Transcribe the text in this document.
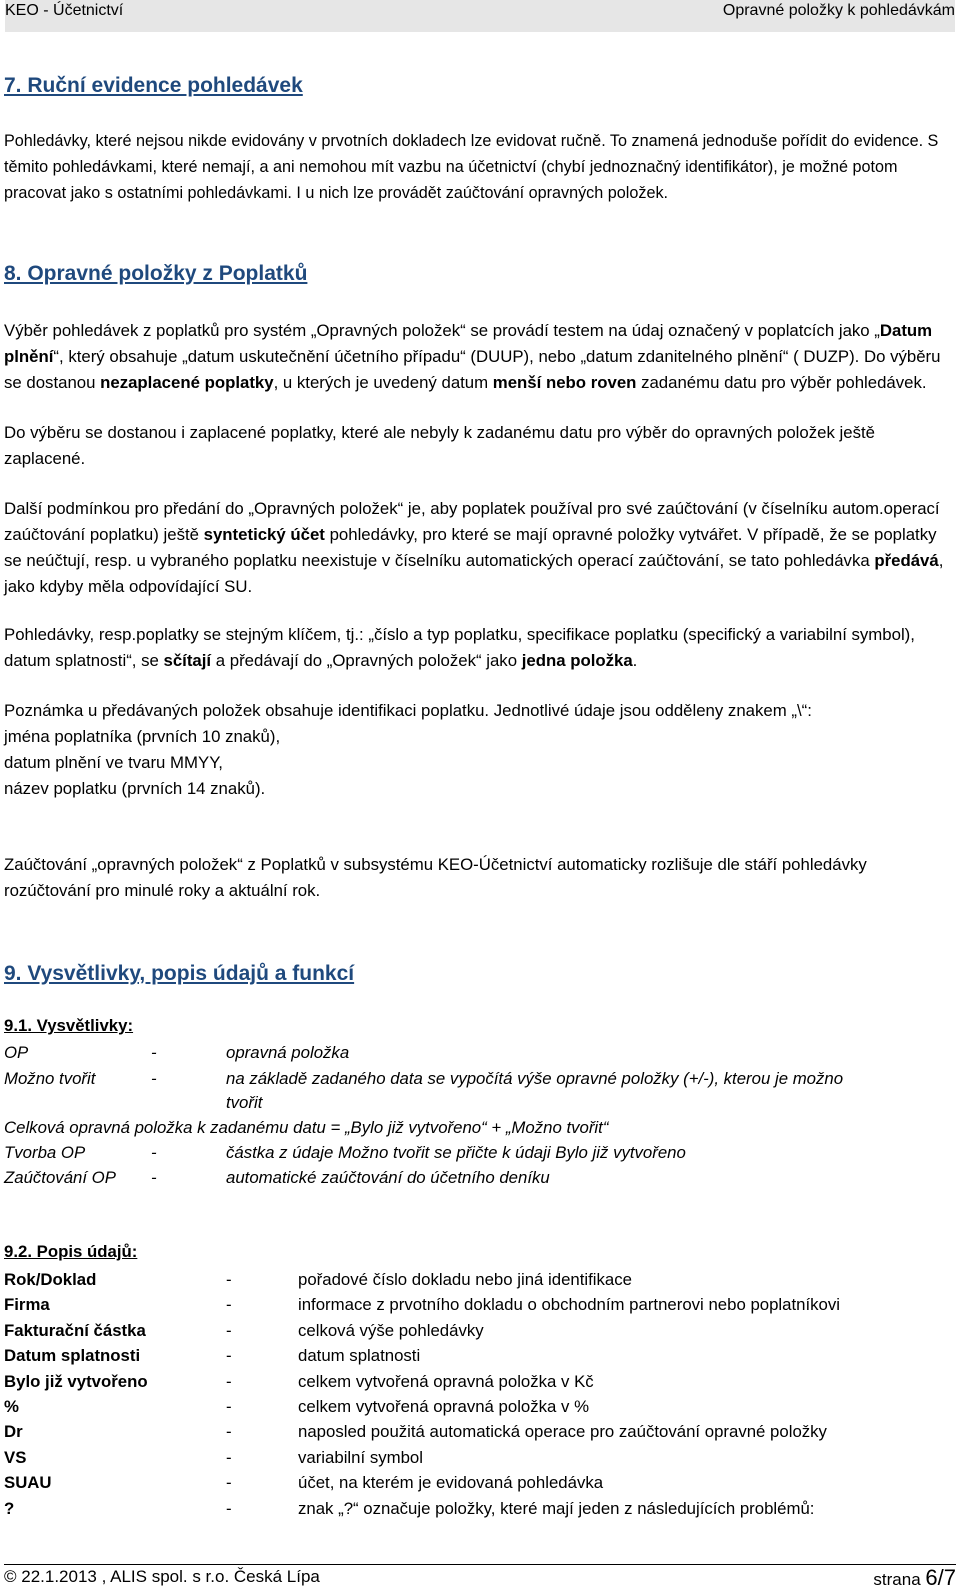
KEO - Účetnictví	Opravné položky k pohledávkám
7. Ruční evidence pohledávek
Pohledávky, které nejsou nikde evidovány v prvotních dokladech lze evidovat ručně. To znamená jednoduše pořídit do evidence. S těmito pohledávkami, které nemají, a ani nemohou mít vazbu na účetnictví (chybí jednoznačný identifikátor), je možné potom pracovat jako s ostatními pohledávkami. I u nich lze provádět zaúčtování opravných položek.
8. Opravné položky z Poplatků
Výběr pohledávek z poplatků pro systém „Opravných položek“ se provádí testem na údaj označený v poplatcích jako „Datum plnění“, který obsahuje „datum uskutečnění účetního případu“ (DUUP), nebo „datum zdanitelného plnění“ ( DUZP). Do výběru se dostanou nezaplacené poplatky, u kterých je uvedený datum menší nebo roven zadanému datu pro výběr pohledávek.
Do výběru se dostanou i zaplacené poplatky, které ale nebyly k zadanému datu pro výběr do opravných položek ještě zaplacené.
Další podmínkou pro předání do „Opravných položek“ je, aby poplatek používal pro své zaúčtování (v číselníku autom.operací zaúčtování poplatku) ještě syntetický účet pohledávky, pro které se mají opravné položky vytvářet. V případě, že se poplatky se neúčtují, resp. u vybraného poplatku neexistuje v číselníku automatických operací zaúčtování, se tato pohledávka předává, jako kdyby měla odpovídající SU.
Pohledávky, resp.poplatky se stejným klíčem, tj.: „číslo a typ poplatku, specifikace poplatku (specifický a variabilní symbol), datum splatnosti“, se sčítají a předávají do „Opravných položek“ jako jedna položka.
Poznámka u předávaných položek obsahuje identifikaci poplatku. Jednotlivé údaje jsou odděleny znakem „\“:
jména poplatníka (prvních 10 znaků),
datum plnění ve tvaru MMYY,
název poplatku (prvních 14 znaků).
Zaúčtování „opravných položek“ z Poplatků v subsystému KEO-Účetnictví automaticky rozlišuje dle stáří pohledávky rozúčtování pro minulé roky a aktuální rok.
9. Vysvětlivky, popis údajů a funkcí
9.1. Vysvětlivky:
OP	-	opravná položka
Možno tvořit	-	na základě zadaného data se vypočítá výše opravné položky (+/-), kterou je možno
tvořit
Celková opravná položka k zadanému datu = „Bylo již vytvořeno“ + „Možno tvořit“
Tvorba OP	-	částka z údaje Možno tvořit se přičte k údaji Bylo již vytvořeno
Zaúčtování OP -	automatické zaúčtování do účetního deníku
9.2. Popis údajů:
Rok/Doklad	-	pořadové číslo dokladu nebo jiná identifikace
Firma	-	informace z prvotního dokladu o obchodním partnerovi nebo poplatníkovi
Fakturační částka	-	celková výše pohledávky
Datum splatnosti	-	datum splatnosti
Bylo již vytvořeno	-	celkem vytvořená opravná položka v Kč
%	-	celkem vytvořená opravná položka v %
Dr	-	naposled použitá automatická operace pro zaúčtování opravné položky
VS	-	variabilní symbol
SUAU	-	účet, na kterém je evidovaná pohledávka
?	-	znak „?“ označuje položky, které mají jeden z následujících problémů:
© 22.1.2013 , ALIS spol. s r.o. Česká Lípa	strana 6/7
